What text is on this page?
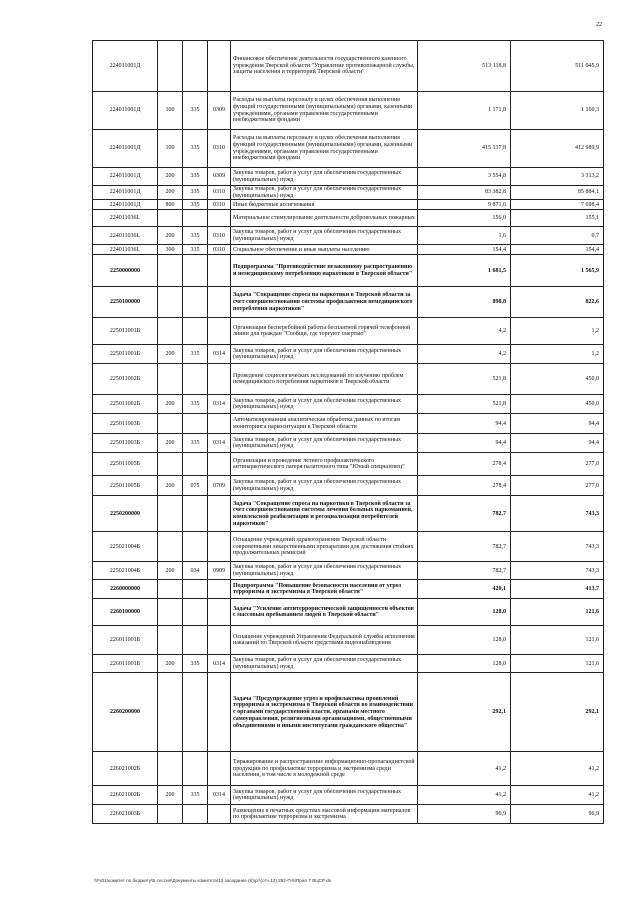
22
224011001Д				Финансовое обеспечение деятельности государственного казенного учреждения Тверской области "Управление противопожарной службы, защиты населения и территорий Тверской области"	513 118,8	511 045,9
224011001Д	100	335	0309	Расходы на выплаты персоналу в целях обеспечения выполнения функций государственными (муниципальными) органами, казенными учреждениями, органами управления государственными внебюджетными фондами	1 171,8	1 160,3
224011001Д	100	335	0310	Расходы на выплаты персоналу в целях обеспечения выполнения функций государственными (муниципальными) органами, казенными учреждениями, органами управления государственными внебюджетными фондами	415 137,8	412 989,9
224011001Д	200	335	0309	Закупка товаров, работ и услуг для обеспечения государственных (муниципальных) нужд	3 554,8	3 313,2
224011001Д	200	335	0310	Закупка товаров, работ и услуг для обеспечения государственных (муниципальных) нужд	83 382,8	85 884,1
224011001Д	800	335	0310	Иные бюджетные ассигнования	9 871,6	7 698,4
224011036L				Материальное стимулирование деятельности добровольных пожарных	156,0	155,1
224011036L	200	335	0310	Закупка товаров, работ и услуг для обеспечения государственных (муниципальных) нужд	1,6	0,7
224011036L	300	335	0310	Социальное обеспечение и иные выплаты населению	154,4	154,4
2250000000				Подпрограмма "Противодействие незаконному распространению и немедицинскому потреблению наркотиков в Тверской области"	1 681,5	1 565,9
2250100000				Задача "Сокращение спроса на наркотики в Тверской области за счет совершенствования системы профилактики немедицинского потребления наркотиков"	898,8	822,6
225011001Б				Организация бесперебойной работы бесплатной горячей телефонной линии для граждан "Сообщи, где торгуют смертью"	4,2	1,2
225011001Б	200	335	0314	Закупка товаров, работ и услуг для обеспечения государственных (муниципальных) нужд	4,2	1,2
225011002Б				Проведение социологических исследований по изучению проблем немедицинского потребления наркотиков в Тверской области	521,8	450,0
225011002Б	200	335	0314	Закупка товаров, работ и услуг для обеспечения государственных (муниципальных) нужд	521,8	450,0
225011003Б				Автоматизированная аналитическая обработка данных по итогам мониторинга наркоситуации в Тверской области	94,4	94,4
225011003Б	200	335	0314	Закупка товаров, работ и услуг для обеспечения государственных (муниципальных) нужд	94,4	94,4
225011005Б				Организация и проведение летнего профилактического антинаркотического лагеря палаточного типа "Юный спецназовец"	278,4	277,0
225011005Б	200	075	0709	Закупка товаров, работ и услуг для обеспечения государственных (муниципальных) нужд	278,4	277,0
2250200000				Задача "Сокращение спроса на наркотики в Тверской области за счет совершенствования системы лечения больных наркоманией, комплексной реабилитации и ресоциализации потребителей наркотиков"	782,7	743,3
225021004Б				Оснащение учреждений здравоохранения Тверской области современными лекарственными препаратами для достижения стойких продолжительных ремиссий	782,7	743,3
225021004Б	200	034	0909	Закупка товаров, работ и услуг для обеспечения государственных (муниципальных) нужд	782,7	743,3
2260000000				Подпрограмма "Повышение безопасности населения от угроз терроризма и экстремизма в Тверской области"	420,1	413,7
2260100000				Задача "Усиление антитеррористической защищенности объектов с массовым пребыванием людей в Тверской области"	128,0	121,6
226011001Б				Оснащение учреждений Управления Федеральной службы исполнения наказаний по Тверской области средствами видеонаблюдения	128,0	121,6
226011001Б	200	335	0314	Закупка товаров, работ и услуг для обеспечения государственных (муниципальных) нужд	128,0	121,6
2260200000				Задача "Предупреждение угроз и профилактика проявлений терроризма и экстремизма в Тверской области во взаимодействии с органами государственной власти, органами местного самоуправления, религиозными организациями, общественными объединениями и иными институтами гражданского общества"	292,1	292,1
226021002Б				Тиражирование и распространение информационно-пропагандистской продукции по профилактике терроризма и экстремизма среди населения, в том числе в молодежной среде	41,2	41,2
226021002Б	200	335	0314	Закупка товаров, работ и услуг для обеспечения государственных (муниципальных) нужд	41,2	41,2
226021003Б				Размещение в печатных средствах массовой информации материалов по профилактике терроризма и экстремизма	96,9	96,9
\\Fs01\комитет по бюджету\Б сессия\Документы комитета\13 заседание (6)\рг\(отч.13) 282-П-6\Прил 7 ВЦСР.xls
